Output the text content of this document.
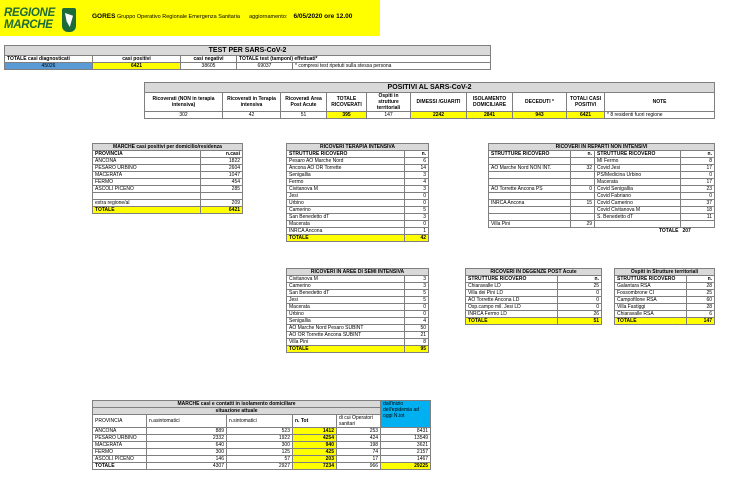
REGIONE
MARCHE
GORES Gruppo Operativo Regionale Emergenza Sanitaria aggiornamento: 6/05/2020 ore 12.00
TEST PER SARS-CoV-2				
TOTALE casi diagnosticati	casi positivi	casi negativi	TOTALE test (tamponi) effettuati*	
45026	6421	38605	69037	* compresi test ripetuti sulla stessa persona
POSITIVI AL SARS-CoV-2									
Ricoverati (NON in terapia intensiva)	Ricoverati in Terapia intensiva	Ricoverati Area Post Acute	TOTALE RICOVERATI	Ospiti in strutture territoriali	DIMESSI /GUARITI	ISOLAMENTO DOMICILIARE	DECEDUTI *	TOTALI CASI POSITIVI	NOTE
302	42	51	395	147	2242	2841	943	6421	* 8 residenti fuori regione
MARCHE casi positivi per domicilio/residenza	
PROVINCIA	n.casi
ANCONA	1822
PESARO URBINO	2604
MACERATA	1047
FERMO	454
ASCOLI PICENO	285

extra regione/al	209
TOTALE	6421
RICOVERI TERAPIA INTENSIVA	
STRUTTURE RICOVERO	n.
Pesaro AO Marche Nord	6
Ancona AO OR Torrette	14
Senigallia	3
Fermo	4
Civitanova M	3
Jesi	0
Urbino	0
Camerino	5
San Benedetto dT	3
Macerata	0
INRCA Ancona	1
TOTALE	42
RICOVERI IN REPARTI NON INTENSIVI			
STRUTTURE RICOVERO	n.	STRUTTURE RICOVERO	n.
		MI Fermo	8
AO Marche Nord NON INT.	32	Covid Jesi	17
		PS/Medicina Urbino	0
		Macerata	17
AO Torrette Ancona PS	0	Covid Senigallia	23
		Covid Fabriano	0
INRCA Ancona	15	Covid Camerino	37
		Covid Civitanova M	18
		S. Benedetto dT	11
Villa Pini	29		
TOTALE			207
RICOVERI IN AREE DI SEMI INTENSIVA	
Civitanova M	3
Camerino	3
San Benedetto dT	5
Jesi	5
Macerata	0
Urbino	0
Senigallia	4
AO Marche Nord Pesaro SUBINT	50
AO OR Torrette Ancona SUBINT	21
Villa Pini	8
TOTALE	95
RICOVERI IN DEGENZE POST Acute	
STRUTTURE RICOVERO	n.
Chiaravalle LD	25
Villa dei Pini LD	0
AO Torrette Ancona LD	0
Osp.campo mil. Jesi LD	0
INRCA Fermo LD	26
TOTALE	51
Ospiti in Strutture territoriali	
STRUTTURE RICOVERO	n.
Galantara RSA	28
Fossombrone CI	25
Campofilone RSA	60
Villa Fastiggi	28
Chiaravalle RSA	6
TOTALE	147
MARCHE casi e contatti in isolamento domiciliare					dall'inizio dell'epidemia ad oggi N.tot
situazione attuale					
PROVINCIA	n.asintomatici	n.sintomatici	n. Tot	di cui Operatori sanitari	
ANCONA	889	523	1412	253	8431
PESARO URBINO	2332	1922	4254	424	13549
MACERATA	640	300	940	198	3621
FERMO	300	125	425	74	2157
ASCOLI PICENO	146	57	203	17	1467
TOTALE	4307	2927	7234	966	29225
